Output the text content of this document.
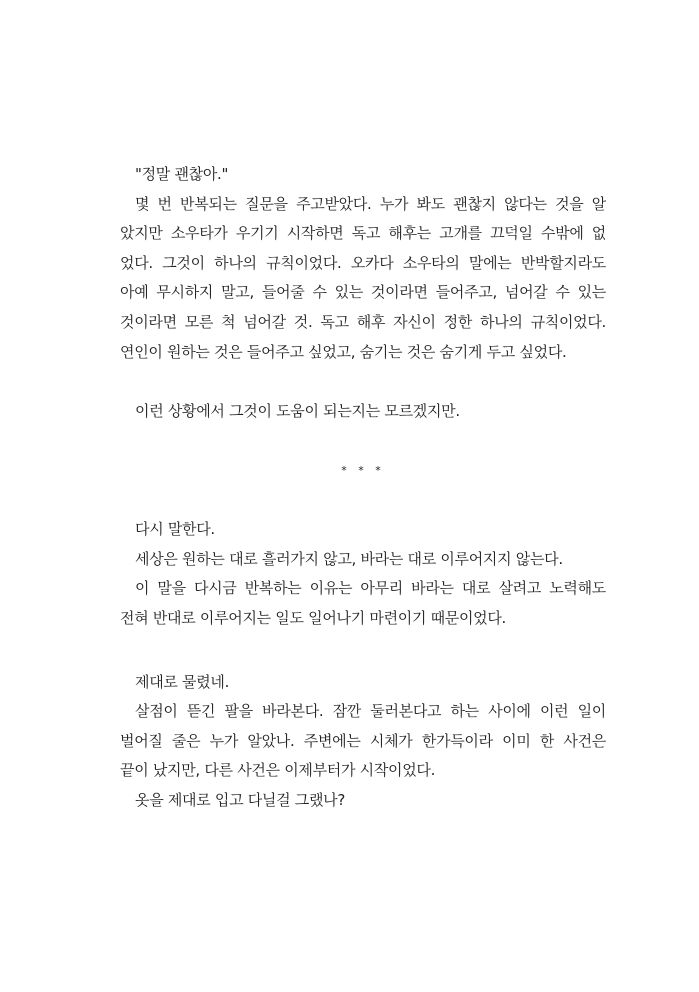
"정말 괜찮아."
몇 번 반복되는 질문을 주고받았다. 누가 봐도 괜찮지 않다는 것을 알
았지만 소우타가 우기기 시작하면 독고 해후는 고개를 끄덕일 수밖에 없
었다. 그것이 하나의 규칙이었다. 오카다 소우타의 말에는 반박할지라도
아예 무시하지 말고, 들어줄 수 있는 것이라면 들어주고, 넘어갈 수 있는
것이라면 모른 척 넘어갈 것. 독고 해후 자신이 정한 하나의 규칙이었다.
연인이 원하는 것은 들어주고 싶었고, 숨기는 것은 숨기게 두고 싶었다.
이런 상황에서 그것이 도움이 되는지는 모르겠지만.
* * *
다시 말한다.
세상은 원하는 대로 흘러가지 않고, 바라는 대로 이루어지지 않는다.
이 말을 다시금 반복하는 이유는 아무리 바라는 대로 살려고 노력해도
전혀 반대로 이루어지는 일도 일어나기 마련이기 때문이었다.
제대로 물렸네.
살점이 뜯긴 팔을 바라본다. 잠깐 둘러본다고 하는 사이에 이런 일이
벌어질 줄은 누가 알았나. 주변에는 시체가 한가득이라 이미 한 사건은
끝이 났지만, 다른 사건은 이제부터가 시작이었다.
옷을 제대로 입고 다닐걸 그랬나?
